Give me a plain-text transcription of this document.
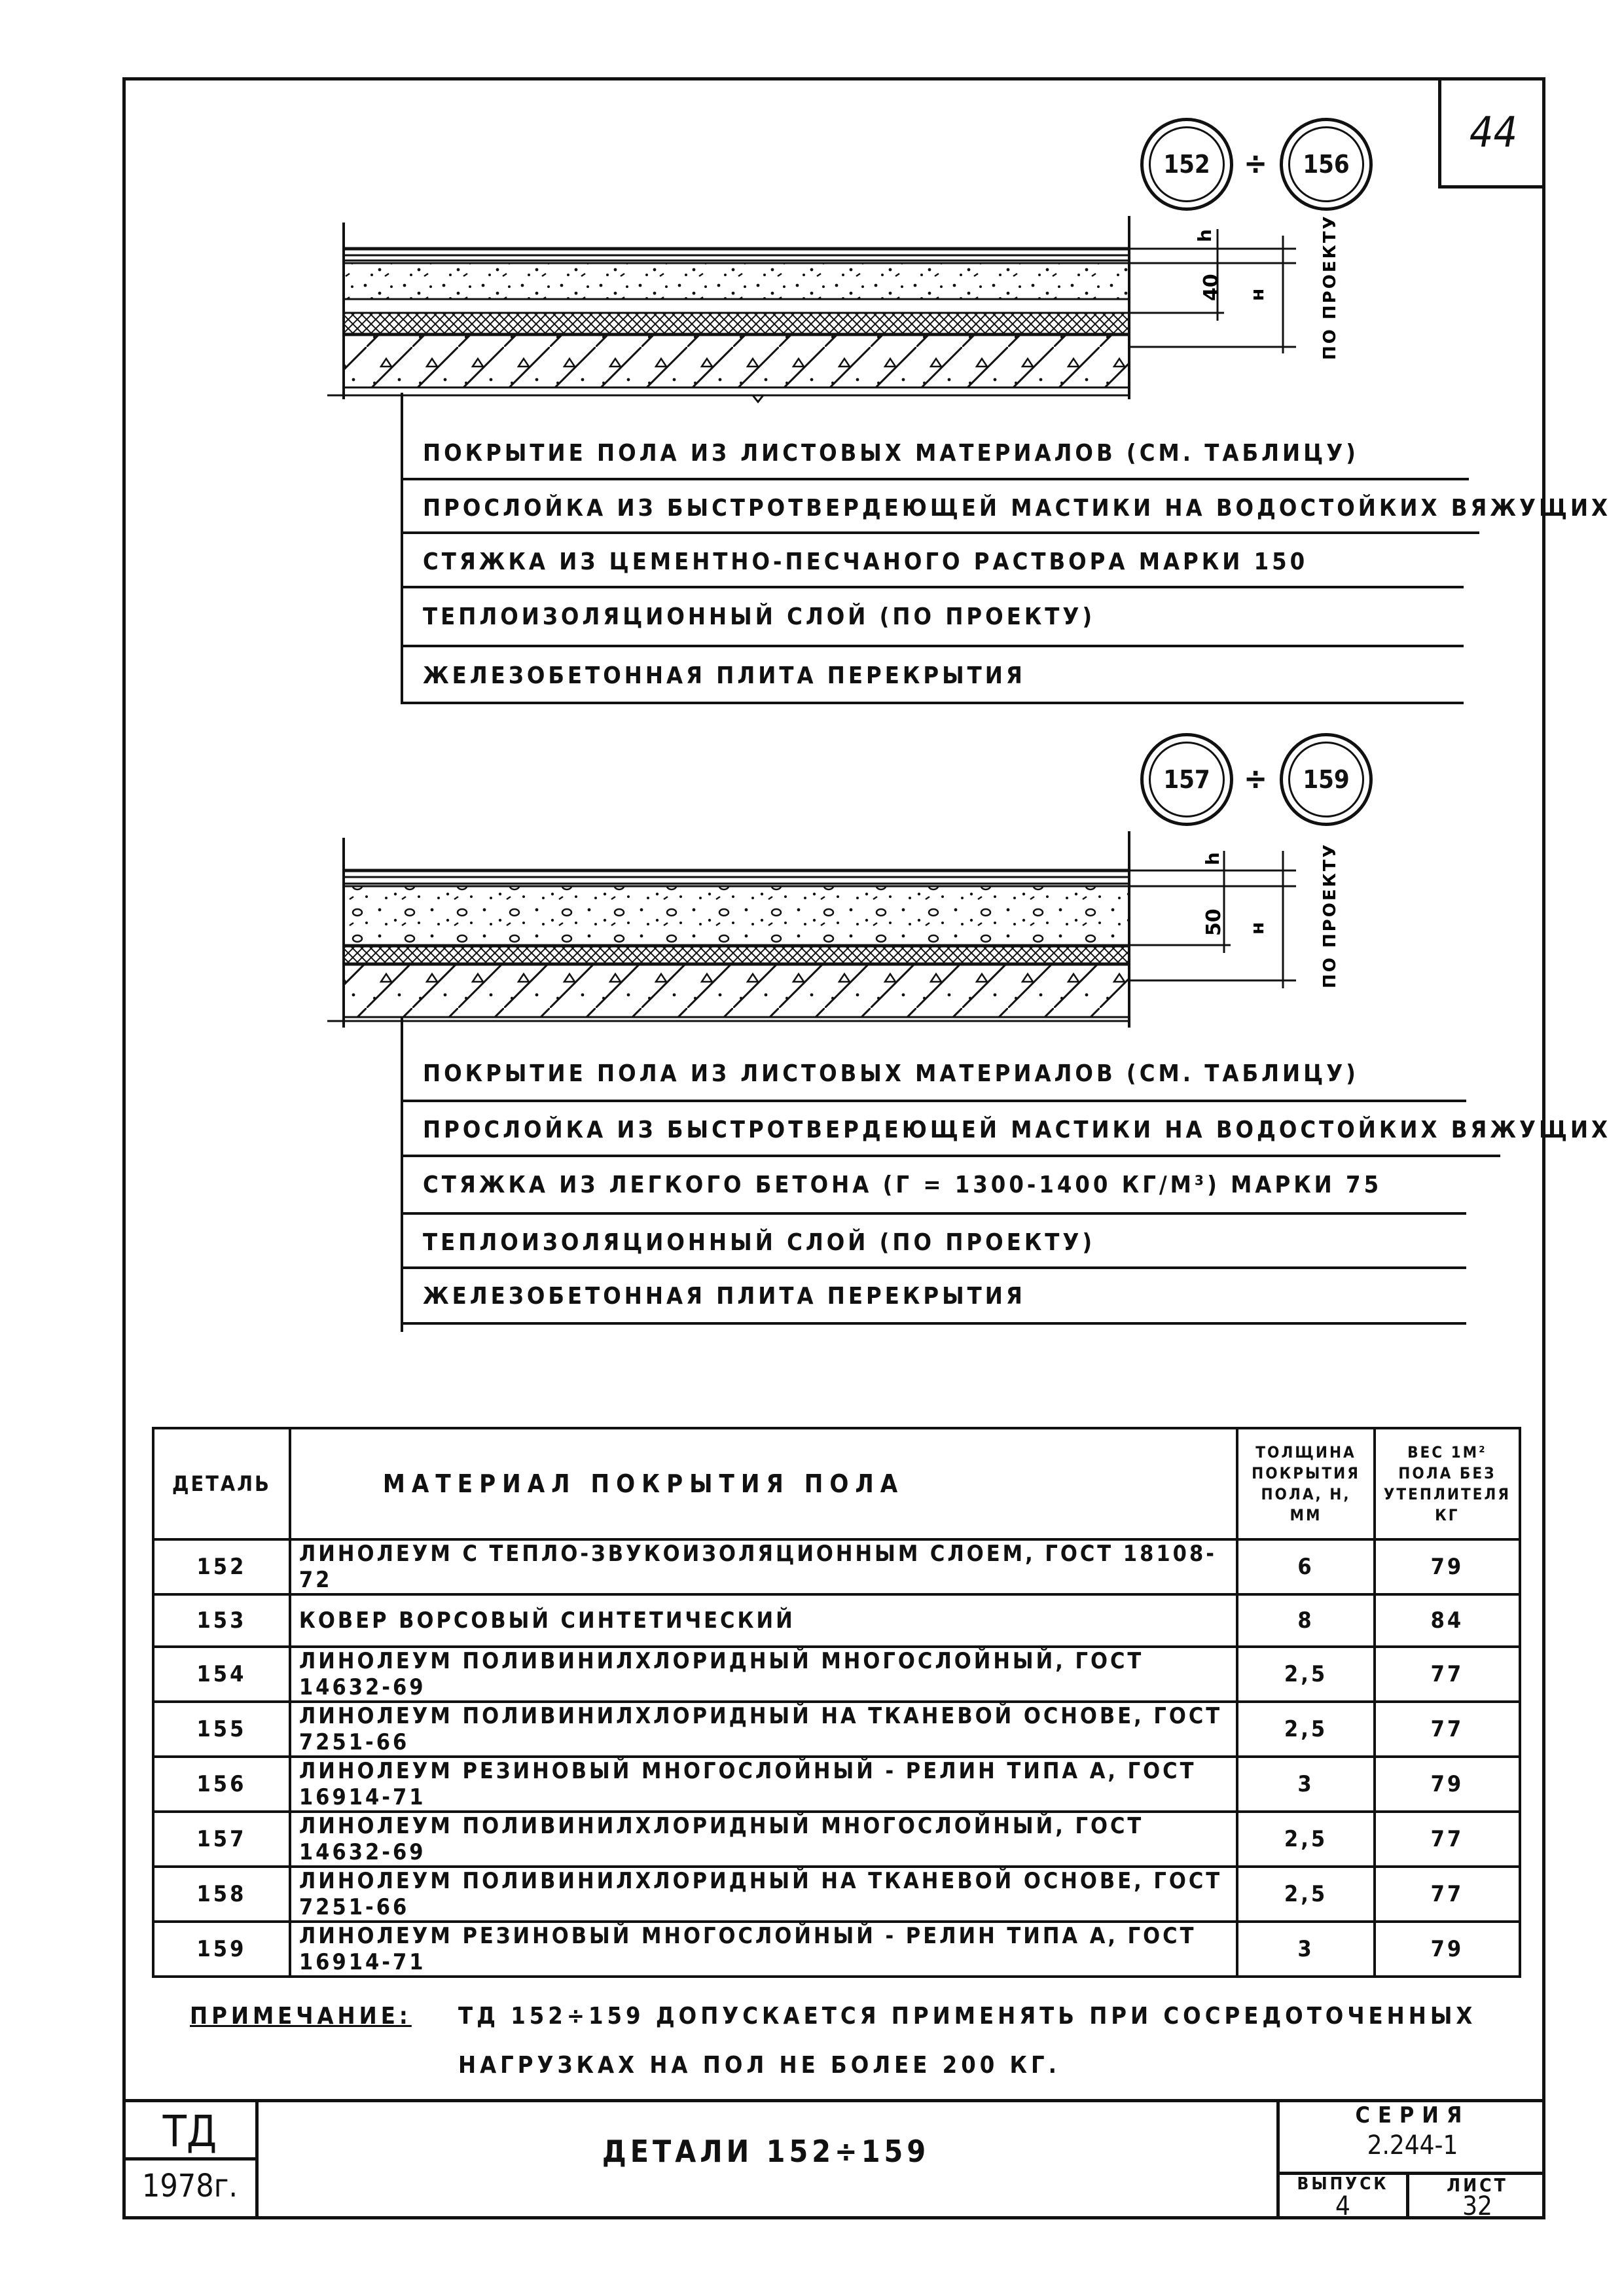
44
152	÷	156
h
40 н	ПО ПРОЕКТУ
ПОКРЫТИЕ ПОЛА ИЗ ЛИСТОВЫХ МАТЕРИАЛОВ (СМ. ТАБЛИЦУ)
ПРОСЛОЙКА ИЗ БЫСТРОТВЕРДЕЮЩЕЙ МАСТИКИ НА ВОДОСТОЙКИХ ВЯЖУЩИХ
СТЯЖКА ИЗ ЦЕМЕНТНО-ПЕСЧАНОГО РАСТВОРА МАРКИ 150
ТЕПЛОИЗОЛЯЦИОННЫЙ СЛОЙ (ПО ПРОЕКТУ)
ЖЕЛЕЗОБЕТОННАЯ ПЛИТА ПЕРЕКРЫТИЯ
157	÷	159
h
50 н	ПО ПРОЕКТУ
ПОКРЫТИЕ ПОЛА ИЗ ЛИСТОВЫХ МАТЕРИАЛОВ (СМ. ТАБЛИЦУ)
ПРОСЛОЙКА ИЗ БЫСТРОТВЕРДЕЮЩЕЙ МАСТИКИ НА ВОДОСТОЙКИХ ВЯЖУЩИХ
СТЯЖКА ИЗ ЛЕГКОГО БЕТОНА (Γ = 1300-1400 КГ/М³) МАРКИ 75
ТЕПЛОИЗОЛЯЦИОННЫЙ СЛОЙ (ПО ПРОЕКТУ)
ЖЕЛЕЗОБЕТОННАЯ ПЛИТА ПЕРЕКРЫТИЯ
ДЕТАЛЬ	МАТЕРИАЛ ПОКРЫТИЯ ПОЛА	ТОЛЩИНА ПОКРЫТИЯ ПОЛА, H, ММ	ВЕС 1М² ПОЛА БЕЗ УТЕПЛИТЕЛЯ КГ
152	ЛИНОЛЕУМ С ТЕПЛО-ЗВУКОИЗОЛЯЦИОННЫМ СЛОЕМ, ГОСТ 18108-72	6	79
153	КОВЕР ВОРСОВЫЙ СИНТЕТИЧЕСКИЙ	8	84
154	ЛИНОЛЕУМ ПОЛИВИНИЛХЛОРИДНЫЙ МНОГОСЛОЙНЫЙ, ГОСТ 14632-69	2,5	77
155	ЛИНОЛЕУМ ПОЛИВИНИЛХЛОРИДНЫЙ НА ТКАНЕВОЙ ОСНОВЕ, ГОСТ 7251-66	2,5	77
156	ЛИНОЛЕУМ РЕЗИНОВЫЙ МНОГОСЛОЙНЫЙ - РЕЛИН ТИПА А, ГОСТ 16914-71	3	79
157	ЛИНОЛЕУМ ПОЛИВИНИЛХЛОРИДНЫЙ МНОГОСЛОЙНЫЙ, ГОСТ 14632-69	2,5	77
158	ЛИНОЛЕУМ ПОЛИВИНИЛХЛОРИДНЫЙ НА ТКАНЕВОЙ ОСНОВЕ, ГОСТ 7251-66	2,5	77
159	ЛИНОЛЕУМ РЕЗИНОВЫЙ МНОГОСЛОЙНЫЙ - РЕЛИН ТИПА А, ГОСТ 16914-71	3	79
ПРИМЕЧАНИЕ: ТД 152÷159 ДОПУСКАЕТСЯ ПРИМЕНЯТЬ ПРИ СОСРЕДОТОЧЕННЫХ
НАГРУЗКАХ НА ПОЛ НЕ БОЛЕЕ 200 КГ.
ТД
1978г.
ДЕТАЛИ 152÷159
СЕРИЯ
2.244-1
ВЫПУСК
4
ЛИСТ
32
